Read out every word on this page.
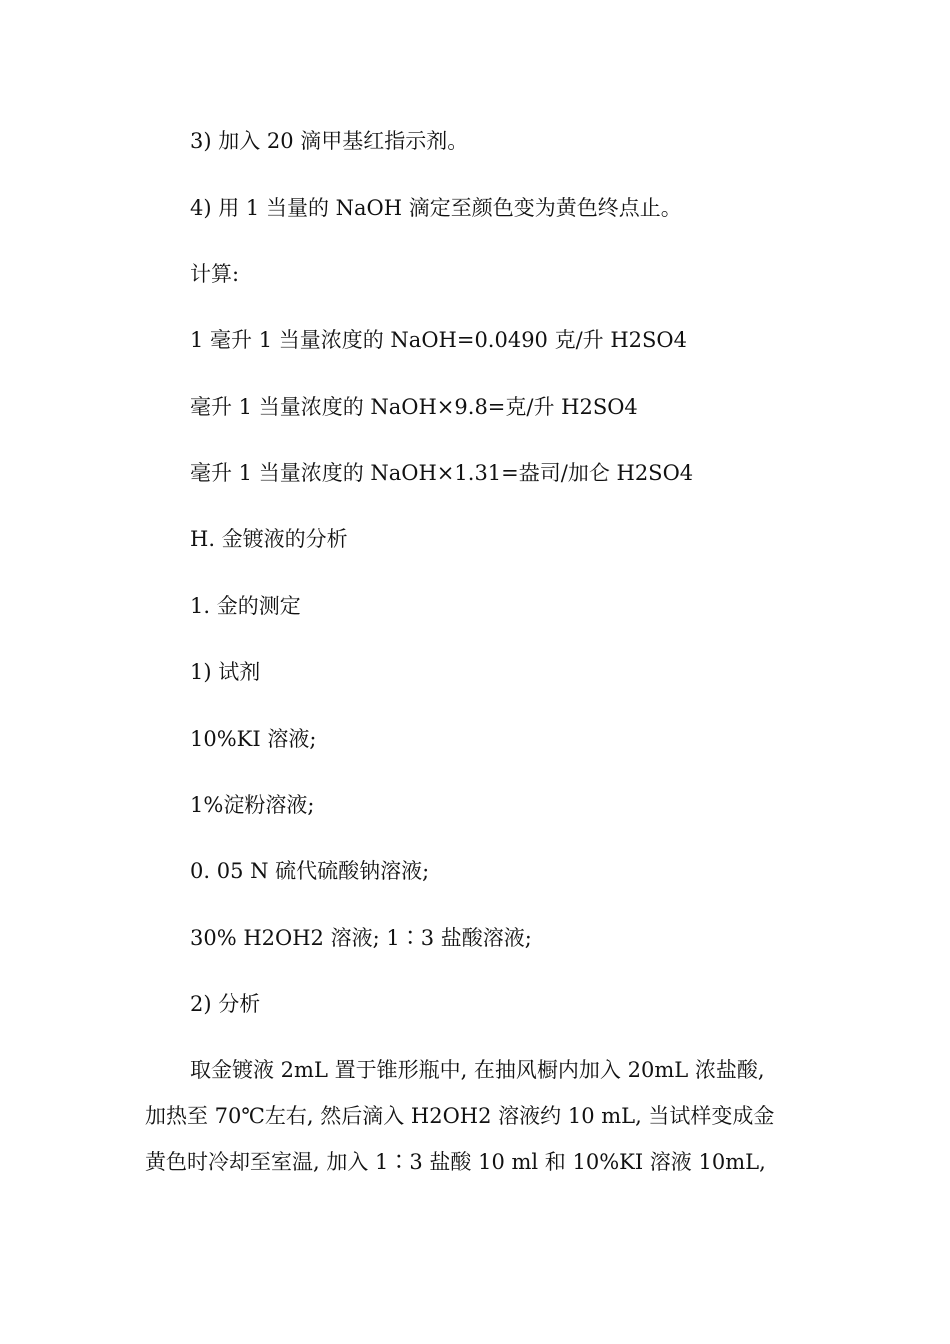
3) 加入 20 滴甲基红指示剂。

4) 用 1 当量的 NaOH 滴定至颜色变为黄色终点止。

计算:

1 毫升 1 当量浓度的 NaOH=0.0490 克/升 H2SO4

毫升 1 当量浓度的 NaOH×9.8=克/升 H2SO4

毫升 1 当量浓度的 NaOH×1.31=盎司/加仑 H2SO4

H. 金镀液的分析

1. 金的测定

1) 试剂

10%KI 溶液;

1%淀粉溶液;

0. 05 N 硫代硫酸钠溶液;

30% H2OH2 溶液; 1∶3 盐酸溶液;

2) 分析

取金镀液 2mL 置于锥形瓶中, 在抽风橱内加入 20mL 浓盐酸,
加热至 70℃左右, 然后滴入 H2OH2 溶液约 10 mL, 当试样变成金
黄色时冷却至室温, 加入 1∶3 盐酸 10 ml 和 10%KI 溶液 10mL,
